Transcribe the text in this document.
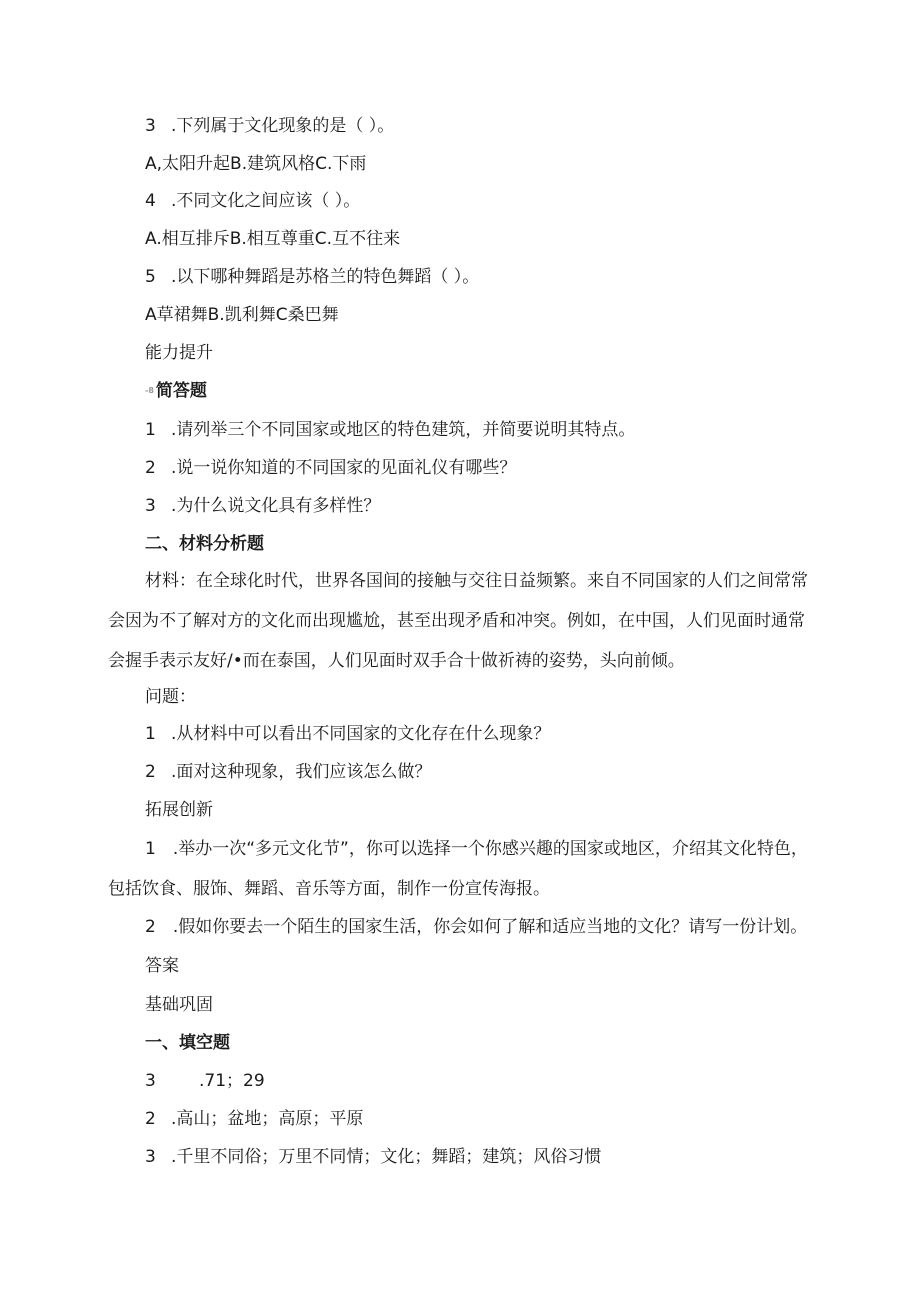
3 .下列属于文化现象的是（ ）。
A,太阳升起B.建筑风格C.下雨
4 .不同文化之间应该（ ）。
A.相互排斥B.相互尊重C.互不往来
5 .以下哪种舞蹈是苏格兰的特色舞蹈（ ）。
A草裙舞B.凯利舞C桑巴舞
能力提升
-8 简答题
1 .请列举三个不同国家或地区的特色建筑，并简要说明其特点。
2 .说一说你知道的不同国家的见面礼仪有哪些？
3 .为什么说文化具有多样性？
二、材料分析题
材料：在全球化时代，世界各国间的接触与交往日益频繁。来自不同国家的人们之间常常会因为不了解对方的文化而出现尴尬，甚至出现矛盾和冲突。例如，在中国，人们见面时通常会握手表示友好/•而在泰国，人们见面时双手合十做祈祷的姿势，头向前倾。
问题：
1 .从材料中可以看出不同国家的文化存在什么现象？
2 .面对这种现象，我们应该怎么做？
拓展创新
1　.举办一次“多元文化节”，你可以选择一个你感兴趣的国家或地区，介绍其文化特色，包括饮食、服饰、舞蹈、音乐等方面，制作一份宣传海报。
2　.假如你要去一个陌生的国家生活，你会如何了解和适应当地的文化？请写一份计划。
答案
基础巩固
一、填空题
3	.71；29
2 .高山；盆地；高原；平原
3 .千里不同俗；万里不同情；文化；舞蹈；建筑；风俗习惯
